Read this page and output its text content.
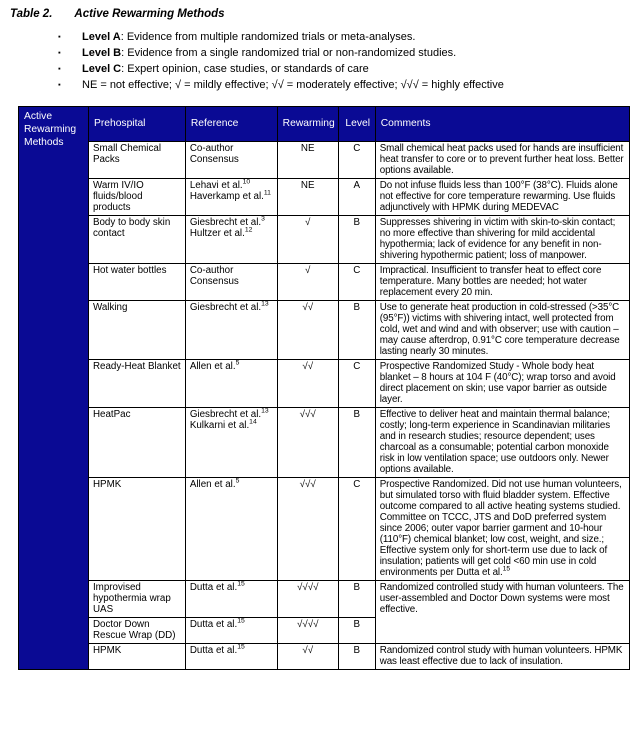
Table 2. Active Rewarming Methods
▪	Level A: Evidence from multiple randomized trials or meta-analyses.
▪	Level B: Evidence from a single randomized trial or non-randomized studies.
▪	Level C: Expert opinion, case studies, or standards of care
▪	NE = not effective; √ = mildly effective; √√ = moderately effective; √√√ = highly effective
Active Rewarming Methods	Prehospital	Reference	Rewarming	Level	Comments
	Small Chemical Packs	Co-author Consensus	NE	C	Small chemical heat packs used for hands are insufficient heat transfer to core or to prevent further heat loss. Better options available.
	Warm IV/IO fluids/blood products	Lehavi et al.$^{10}$
Haverkamp et al.$^{11}$	NE	A	Do not infuse fluids less than 100°F (38°C). Fluids alone not effective for core temperature rewarming. Use fluids adjunctively with HPMK during MEDEVAC
	Body to body skin contact	Giesbrecht et al.$^3$
Hultzer et al.$^{12}$	√	B	Suppresses shivering in victim with skin-to-skin contact; no more effective than shivering for mild accidental hypothermia; lack of evidence for any benefit in non-shivering hypothermic patient; loss of manpower.
	Hot water bottles	Co-author Consensus	√	C	Impractical. Insufficient to transfer heat to effect core temperature. Many bottles are needed; hot water replacement every 20 min.
	Walking	Giesbrecht et al.$^{13}$	√√	B	Use to generate heat production in cold-stressed (>35°C (95°F)) victims with shivering intact, well protected from cold, wet and wind and with observer; use with caution – may cause afterdrop, 0.91°C core temperature decrease lasting nearly 30 minutes.
	Ready-Heat Blanket	Allen et al.$^5$	√√	C	Prospective Randomized Study - Whole body heat blanket – 8 hours at 104 F (40°C); wrap torso and avoid direct placement on skin; use vapor barrier as outside layer.
	HeatPac	Giesbrecht et al.$^{13}$
Kulkarni et al.$^{14}$	√√√	B	Effective to deliver heat and maintain thermal balance; costly; long-term experience in Scandinavian militaries and in research studies; resource dependent; uses charcoal as a consumable; potential carbon monoxide risk in low ventilation space; use outdoors only. Newer options available.
	HPMK	Allen et al.$^5$	√√√	C	Prospective Randomized. Did not use human volunteers, but simulated torso with fluid bladder system. Effective outcome compared to all active heating systems studied. Committee on TCCC, JTS and DoD preferred system since 2006; outer vapor barrier garment and 10-hour (110°F) chemical blanket; low cost, weight, and size.; Effective system only for short-term use due to lack of insulation; patients will get cold <60 min use in cold environments per Dutta et al.$^{15}$
	Improvised hypothermia wrap UAS	Dutta et al.$^{15}$	√√√√	B	Randomized controlled study with human volunteers. The user-assembled and Doctor Down systems were most effective.
	Doctor Down Rescue Wrap (DD)	Dutta et al.$^{15}$	√√√√	B	
	HPMK	Dutta et al.$^{15}$	√√	B	Randomized control study with human volunteers. HPMK was least effective due to lack of insulation.
